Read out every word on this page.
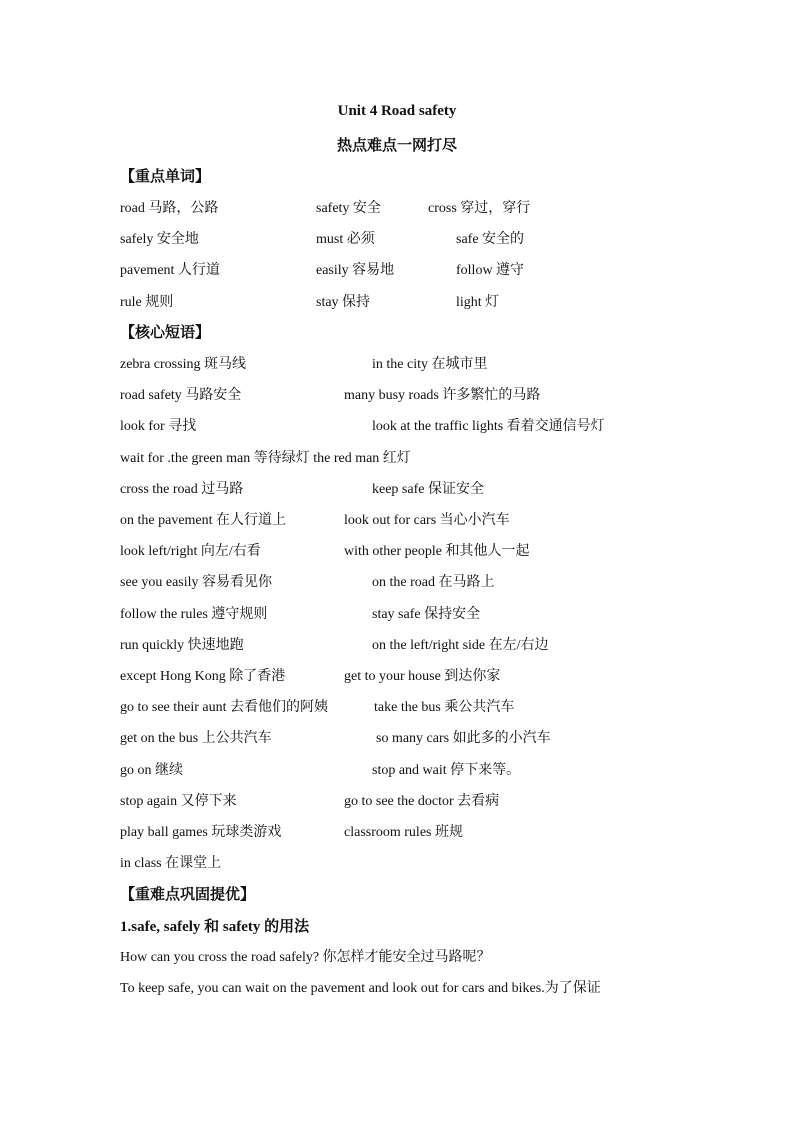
Unit 4 Road safety
热点难点一网打尽
【重点单词】
road 马路，公路	safety 安全	cross 穿过，穿行
safely 安全地	must 必须	safe 安全的
pavement 人行道	easily 容易地	follow 遵守
rule 规则	stay 保持	light 灯
【核心短语】
zebra crossing 斑马线	in the city 在城市里
road safety 马路安全	many busy roads 许多繁忙的马路
look for 寻找	look at the traffic lights 看着交通信号灯
wait for .the green man 等待绿灯 the red man 红灯
cross the road 过马路	keep safe 保证安全
on the pavement 在人行道上	look out for cars 当心小汽车
look left/right 向左/右看	with other people 和其他人一起
see you easily 容易看见你	on the road 在马路上
follow the rules 遵守规则	stay safe 保持安全
run quickly 快速地跑	on the left/right side 在左/右边
except Hong Kong 除了香港	get to your house 到达你家
go to see their aunt 去看他们的阿姨	take the bus 乘公共汽车
get on the bus 上公共汽车	so many cars 如此多的小汽车
go on 继续	stop and wait 停下来等。
stop again 又停下来	go to see the doctor 去看病
play ball games 玩球类游戏	classroom rules 班规
in class 在课堂上
【重难点巩固提优】
1.safe, safely 和 safety 的用法
How can you cross the road safely? 你怎样才能安全过马路呢？
To keep safe, you can wait on the pavement and look out for cars and bikes.为了保证
